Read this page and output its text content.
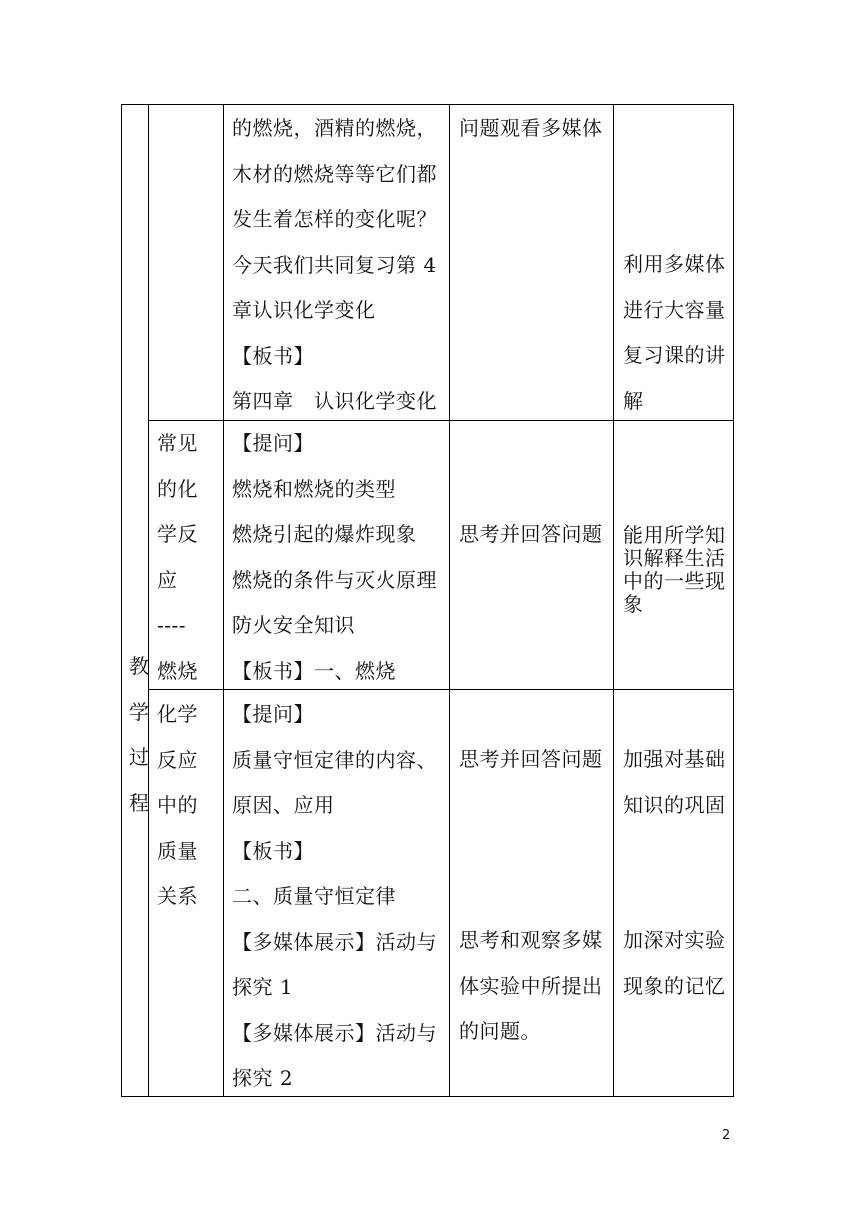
教
学
过
程
的燃烧，酒精的燃烧，
木材的燃烧等等它们都
发生着怎样的变化呢？
今天我们共同复习第 4
章认识化学变化
【板书】
第四章　认识化学变化
问题观看多媒体
利用多媒体
进行大容量
复习课的讲
解
常见
的化
学反
应
----
燃烧
【提问】
燃烧和燃烧的类型
燃烧引起的爆炸现象
燃烧的条件与灭火原理
防火安全知识
【板书】一、燃烧
思考并回答问题 能用所学知
识解释生活
中的一些现
象
化学
反应
中的
质量
关系
【提问】
质量守恒定律的内容、
原因、应用
【板书】
二、质量守恒定律
【多媒体展示】活动与
探究 1
【多媒体展示】活动与
探究 2
思考并回答问题
思考和观察多媒
体实验中所提出
的问题。
加强对基础
知识的巩固
加深对实验
现象的记忆
2
